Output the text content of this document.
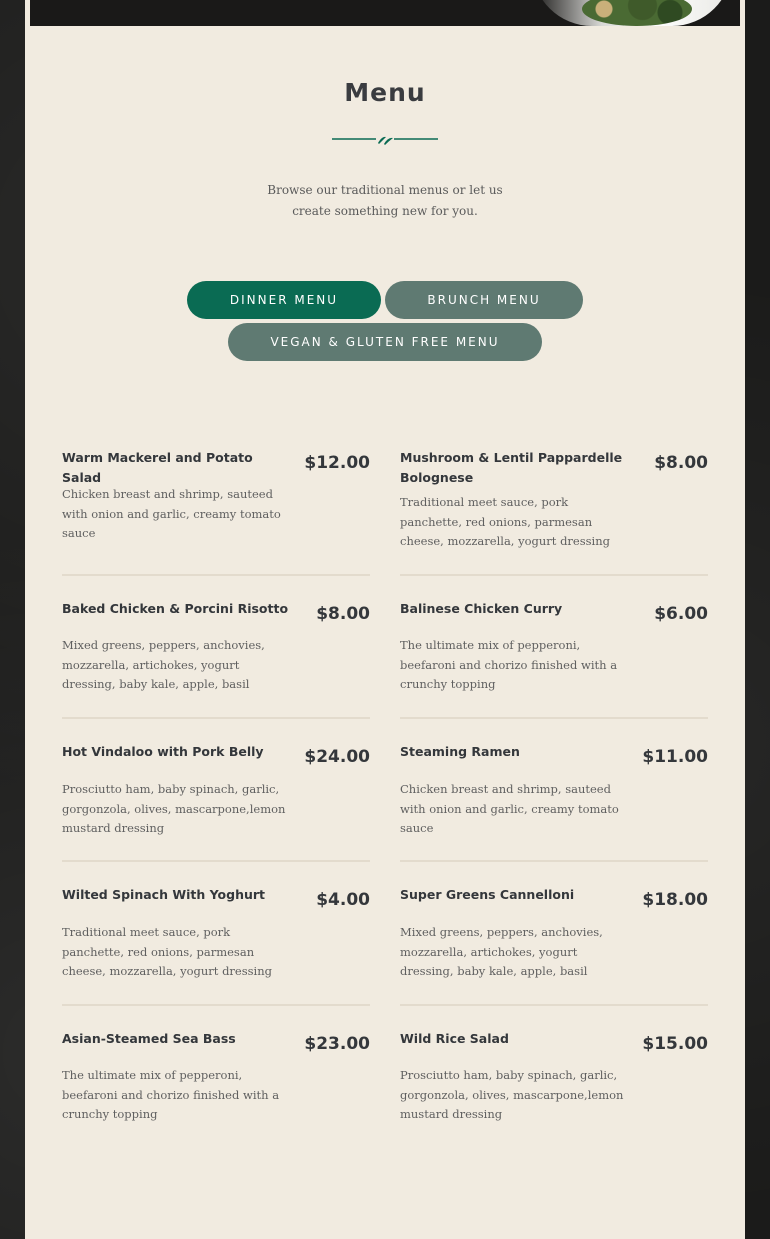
Menu
Browse our traditional menus or let us
create something new for you.
DINNER MENU	BRUNCH MENU
VEGAN & GLUTEN FREE MENU
Warm Mackerel and Potato Salad
$12.00
Chicken breast and shrimp, sauteed with onion and garlic, creamy tomato sauce
Baked Chicken & Porcini Risotto	$8.00
Mixed greens, peppers, anchovies, mozzarella, artichokes, yogurt dressing, baby kale, apple, basil
Hot Vindaloo with Pork Belly	$24.00
Prosciutto ham, baby spinach, garlic, gorgonzola, olives, mascarpone,lemon mustard dressing
Wilted Spinach With Yoghurt	$4.00
Traditional meet sauce, pork panchette, red onions, parmesan cheese, mozzarella, yogurt dressing
Asian-Steamed Sea Bass	$23.00
The ultimate mix of pepperoni, beefaroni and chorizo finished with a crunchy topping
Mushroom & Lentil Pappardelle Bolognese
$8.00
Traditional meet sauce, pork panchette, red onions, parmesan cheese, mozzarella, yogurt dressing
Balinese Chicken Curry	$6.00
The ultimate mix of pepperoni, beefaroni and chorizo finished with a crunchy topping
Steaming Ramen	$11.00
Chicken breast and shrimp, sauteed with onion and garlic, creamy tomato sauce
Super Greens Cannelloni	$18.00
Mixed greens, peppers, anchovies, mozzarella, artichokes, yogurt dressing, baby kale, apple, basil
Wild Rice Salad	$15.00
Prosciutto ham, baby spinach, garlic, gorgonzola, olives, mascarpone,lemon mustard dressing
